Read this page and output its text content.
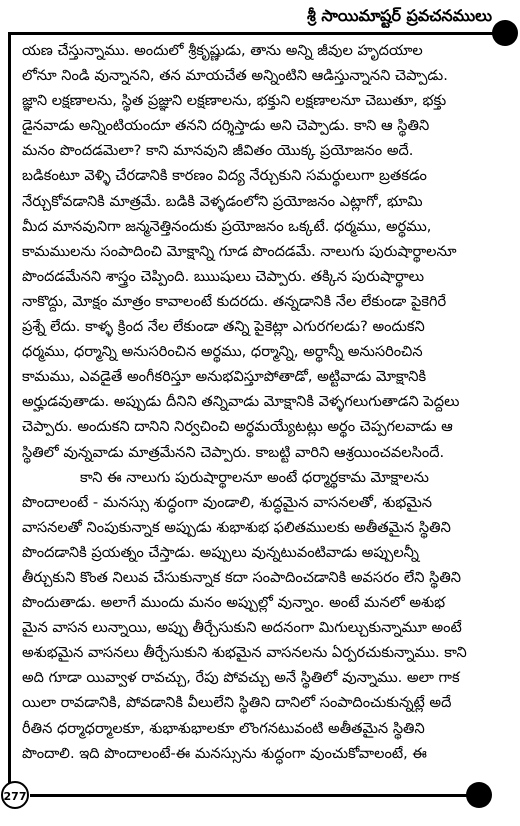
శ్రీ సాయిమాష్టర్ ప్రవచనములు
యణ చేస్తున్నాము. అందులో శ్రీకృష్ణుడు, తాను అన్ని జీవుల హృదయాల
లోనూ నిండి వున్నానని, తన మాయచేత అన్నింటిని ఆడిస్తున్నానని చెప్పాడు.
జ్ఞాని లక్షణాలను, స్థిత ప్రజ్ఞుని లక్షణాలను, భక్తుని లక్షణాలనూ చెబుతూ, భక్తు
డైనవాడు అన్నింటియందూ తనని దర్శిస్తాడు అని చెప్పాడు. కాని ఆ స్థితిని
మనం పొందడమెలా? కాని మానవుని జీవితం యొక్క ప్రయోజనం అదే.
బడికంటూ వెళ్ళి చేరడానికి కారణం విద్య నేర్చుకుని సమర్థులుగా బ్రతకడం
నేర్చుకోవడానికి మాత్రమే. బడికి వెళ్ళడంలోని ప్రయోజనం ఎట్లాగో, భూమి
మీద మానవునిగా జన్మనెత్తినందుకు ప్రయోజనం ఒక్కటే. ధర్మము, అర్థము,
కామములను సంపాదించి మోక్షాన్ని గూడ పొందడమే. నాలుగు పురుషార్థాలనూ
పొందడమేనని శాస్త్రం చెప్పింది. ఋుషులు చెప్పారు. తక్కిన పురుషార్థాలు
నాకొద్దు, మోక్షం మాత్రం కావాలంటే కుదరదు. తన్నడానికి నేల లేకుండా పైకెగిరే
ప్రశ్నే లేదు. కాళ్ళ క్రింద నేల లేకుండా తన్ని పైకెట్లా ఎగురగలడు? అందుకని
ధర్మము, ధర్మాన్ని అనుసరించిన అర్థము, ధర్మాన్ని, అర్థాన్నీ అనుసరించిన
కామము, ఎవడైతే అంగీకరిస్తూ అనుభవిస్తూపోతాడో, అట్టివాడు మోక్షానికి
అర్హుడవుతాడు. అప్పుడు దీనిని తన్నివాడు మోక్షానికి వెళ్ళగలుగుతాడని పెద్దలు
చెప్పారు. అందుకని దానిని నిర్వచించి అర్థమయ్యేటట్లు అర్థం చెప్పగలవాడు ఆ
స్థితిలో వున్నవాడు మాత్రమేనని చెప్పారు. కాబట్టి వారిని ఆశ్రయించవలసిందే.
కాని ఈ నాలుగు పురుషార్థాలనూ అంటే ధర్మార్థకామ మోక్షాలను
పొందాలంటే - మనస్సు శుద్ధంగా వుండాలి, శుద్ధమైన వాసనలతో, శుభమైన
వాసనలతో నింపుకున్నాక అప్పుడు శుభాశుభ ఫలితములకు అతీతమైన స్థితిని
పొందడానికి ప్రయత్నం చేస్తాడు. అప్పులు వున్నటువంటివాడు అప్పులన్నీ
తీర్చుకుని కొంత నిలువ చేసుకున్నాక కదా సంపాదించడానికి అవసరం లేని స్థితిని
పొందుతాడు. అలాగే ముందు మనం అప్పుల్లో వున్నాం. అంటే మనలో అశుభ
మైన వాసన లున్నాయి, అప్పు తీర్చేసుకుని అదనంగా మిగుల్చుకున్నామూ అంటే
అశుభమైన వాసనలు తీర్చేసుకుని శుభమైన వాసనలను ఏర్పరచుకున్నాము. కాని
అది గూడా యివ్వాళ రావచ్చు, రేపు పోవచ్చు అనే స్థితిలో వున్నాము. అలా గాక
యిలా రావడానికి, పోవడానికి వీలులేని స్థితిని దానిలో సంపాదించుకున్నట్లే అదే
రీతిన ధర్మాధర్మాలకూ, శుభాశుభాలకూ లొంగనటువంటి అతీతమైన స్థితిని
పొందాలి. ఇది పొందాలంటే-ఈ మనస్సును శుద్ధంగా వుంచుకోవాలంటే, ఈ
277
